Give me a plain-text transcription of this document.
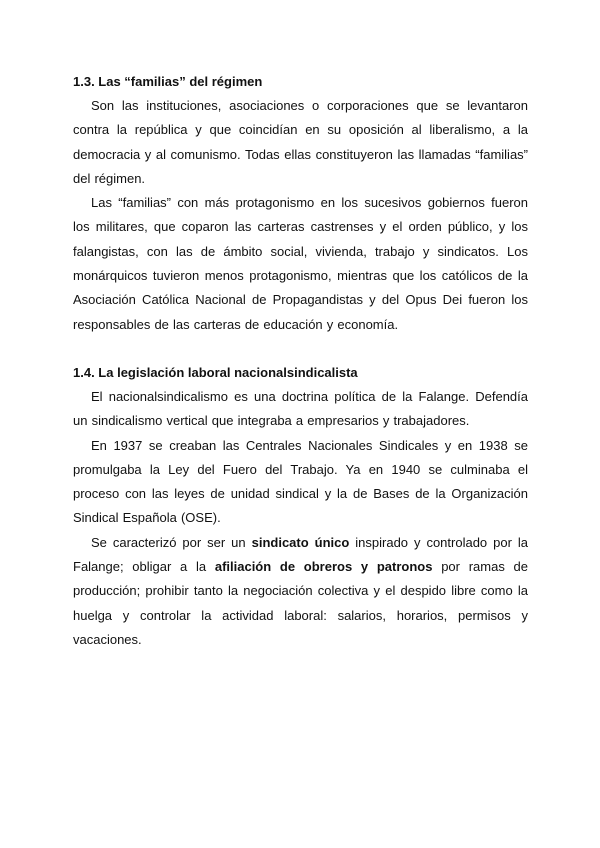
1.3. Las “familias” del régimen

Son las instituciones, asociaciones o corporaciones que se levantaron contra la república y que coincidían en su oposición al liberalismo, a la democracia y al comunismo. Todas ellas constituyeron las llamadas “familias” del régimen.

Las “familias” con más protagonismo en los sucesivos gobiernos fueron los militares, que coparon las carteras castrenses y el orden público, y los falangistas, con las de ámbito social, vivienda, trabajo y sindicatos. Los monárquicos tuvieron menos protagonismo, mientras que los católicos de la Asociación Católica Nacional de Propagandistas y del Opus Dei fueron los responsables de las carteras de educación y economía.

1.4. La legislación laboral nacionalsindicalista

El nacionalsindicalismo es una doctrina política de la Falange. Defendía un sindicalismo vertical que integraba a empresarios y trabajadores.

En 1937 se creaban las Centrales Nacionales Sindicales y en 1938 se promulgaba la Ley del Fuero del Trabajo. Ya en 1940 se culminaba el proceso con las leyes de unidad sindical y la de Bases de la Organización Sindical Española (OSE).

Se caracterizó por ser un sindicato único inspirado y controlado por la Falange; obligar a la afiliación de obreros y patronos por ramas de producción; prohibir tanto la negociación colectiva y el despido libre como la huelga y controlar la actividad laboral: salarios, horarios, permisos y vacaciones.
